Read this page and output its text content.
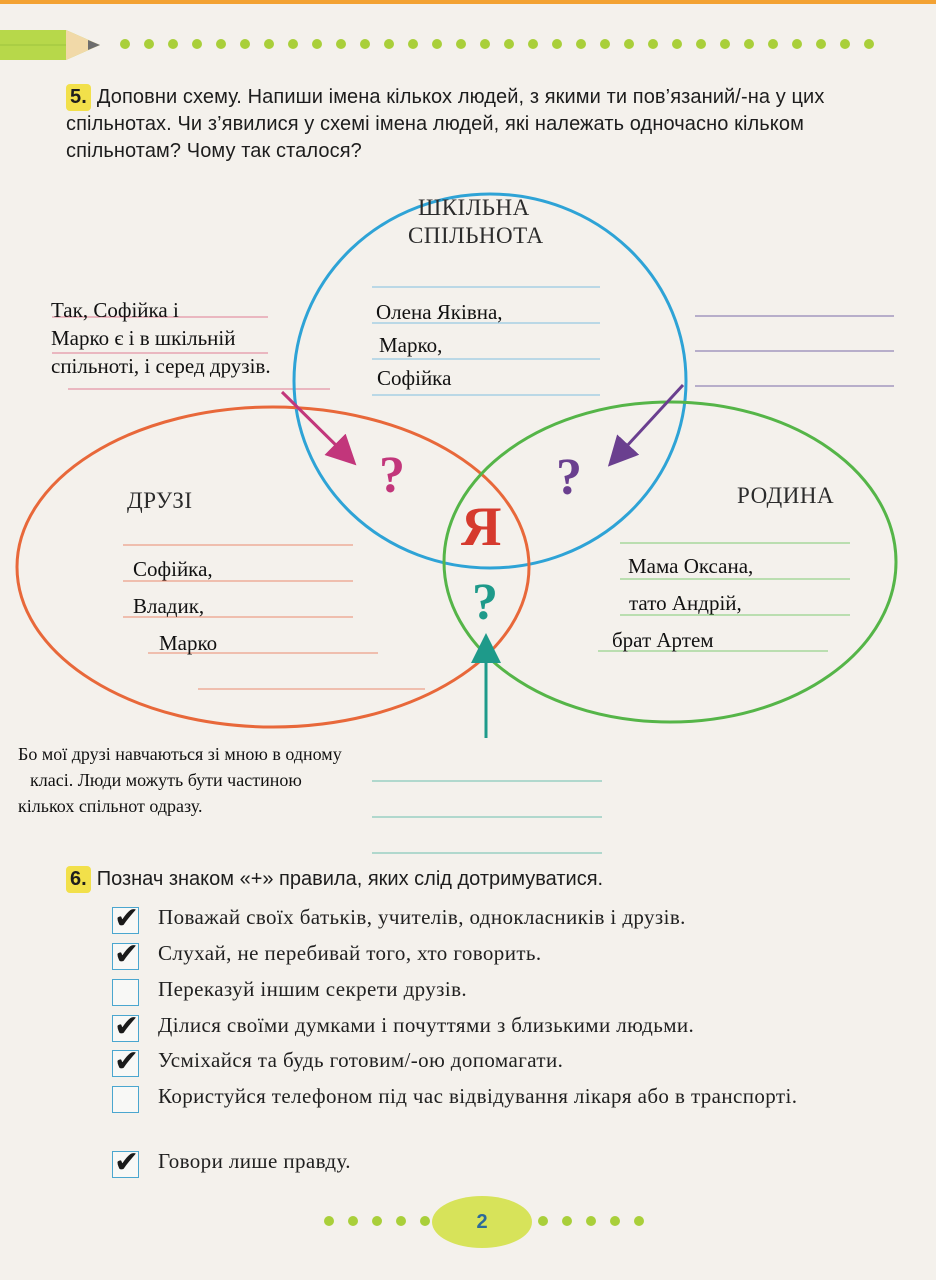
5. Доповни схему. Напиши імена кількох людей, з якими ти пов’язаний/-на у цих спільнотах. Чи з’явилися у схемі імена людей, які належать одночасно кільком спільнотам? Чому так сталося?
ШКІЛЬНА
СПІЛЬНОТА
ДРУЗІ	РОДИНА
Я
?	?
?
Олена Яківна,
Марко,
Софійка
Софійка,
Владик,
Марко
Мама Оксана,
тато Андрій,
брат Артем
Так, Софійка і
Марко є і в шкільній
спільноті, і серед друзів.
Бо мої друзі навчаються зі мною в одному
класі. Люди можуть бути частиною
кількох спільнот одразу.
6. Познач знаком «+» правила, яких слід дотримуватися.
✔ Поважай своїх батьків, учителів, однокласників і друзів.
✔ Слухай, не перебивай того, хто говорить.
Переказуй іншим секрети друзів.
✔ Ділися своїми думками і почуттями з близькими людьми.
✔ Усміхайся та будь готовим/-ою допомагати.
Користуйся телефоном під час відвідування лікаря або в транспорті.
✔ Говори лише правду.
2
